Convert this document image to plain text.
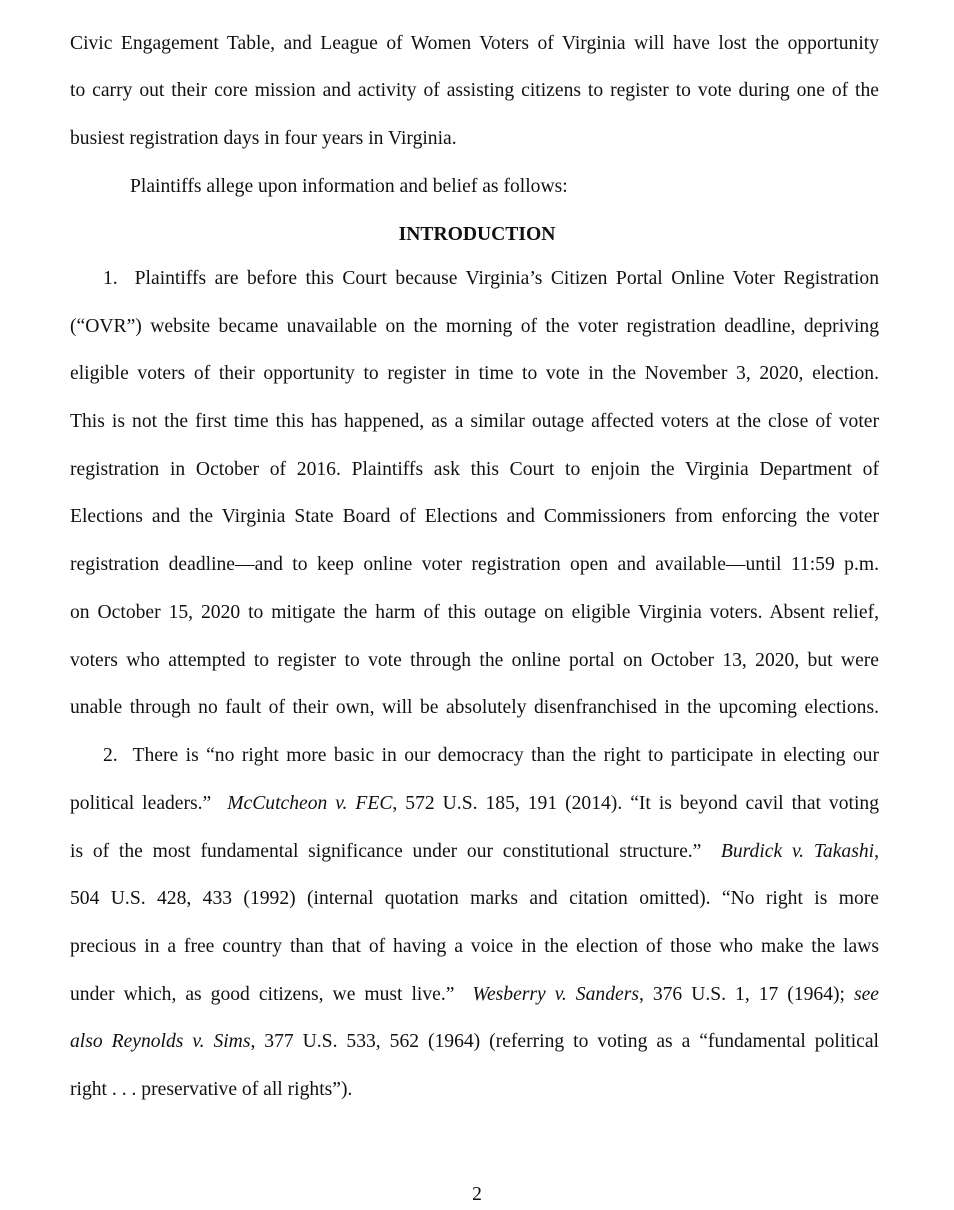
Civic Engagement Table, and League of Women Voters of Virginia will have lost the opportunity

to carry out their core mission and activity of assisting citizens to register to vote during one of the

busiest registration days in four years in Virginia.

Plaintiffs allege upon information and belief as follows:

INTRODUCTION

1. Plaintiffs are before this Court because Virginia’s Citizen Portal Online Voter Registration

(“OVR”) website became unavailable on the morning of the voter registration deadline, depriving

eligible voters of their opportunity to register in time to vote in the November 3, 2020, election.

This is not the first time this has happened, as a similar outage affected voters at the close of voter

registration in October of 2016. Plaintiffs ask this Court to enjoin the Virginia Department of

Elections and the Virginia State Board of Elections and Commissioners from enforcing the voter

registration deadline—and to keep online voter registration open and available—until 11:59 p.m.

on October 15, 2020 to mitigate the harm of this outage on eligible Virginia voters. Absent relief,

voters who attempted to register to vote through the online portal on October 13, 2020, but were

unable through no fault of their own, will be absolutely disenfranchised in the upcoming elections.

2. There is “no right more basic in our democracy than the right to participate in electing our

political leaders.” McCutcheon v. FEC, 572 U.S. 185, 191 (2014). “It is beyond cavil that voting

is of the most fundamental significance under our constitutional structure.” Burdick v. Takashi,

504 U.S. 428, 433 (1992) (internal quotation marks and citation omitted). “No right is more

precious in a free country than that of having a voice in the election of those who make the laws

under which, as good citizens, we must live.” Wesberry v. Sanders, 376 U.S. 1, 17 (1964); see

also Reynolds v. Sims, 377 U.S. 533, 562 (1964) (referring to voting as a “fundamental political

right . . . preservative of all rights”).

2
